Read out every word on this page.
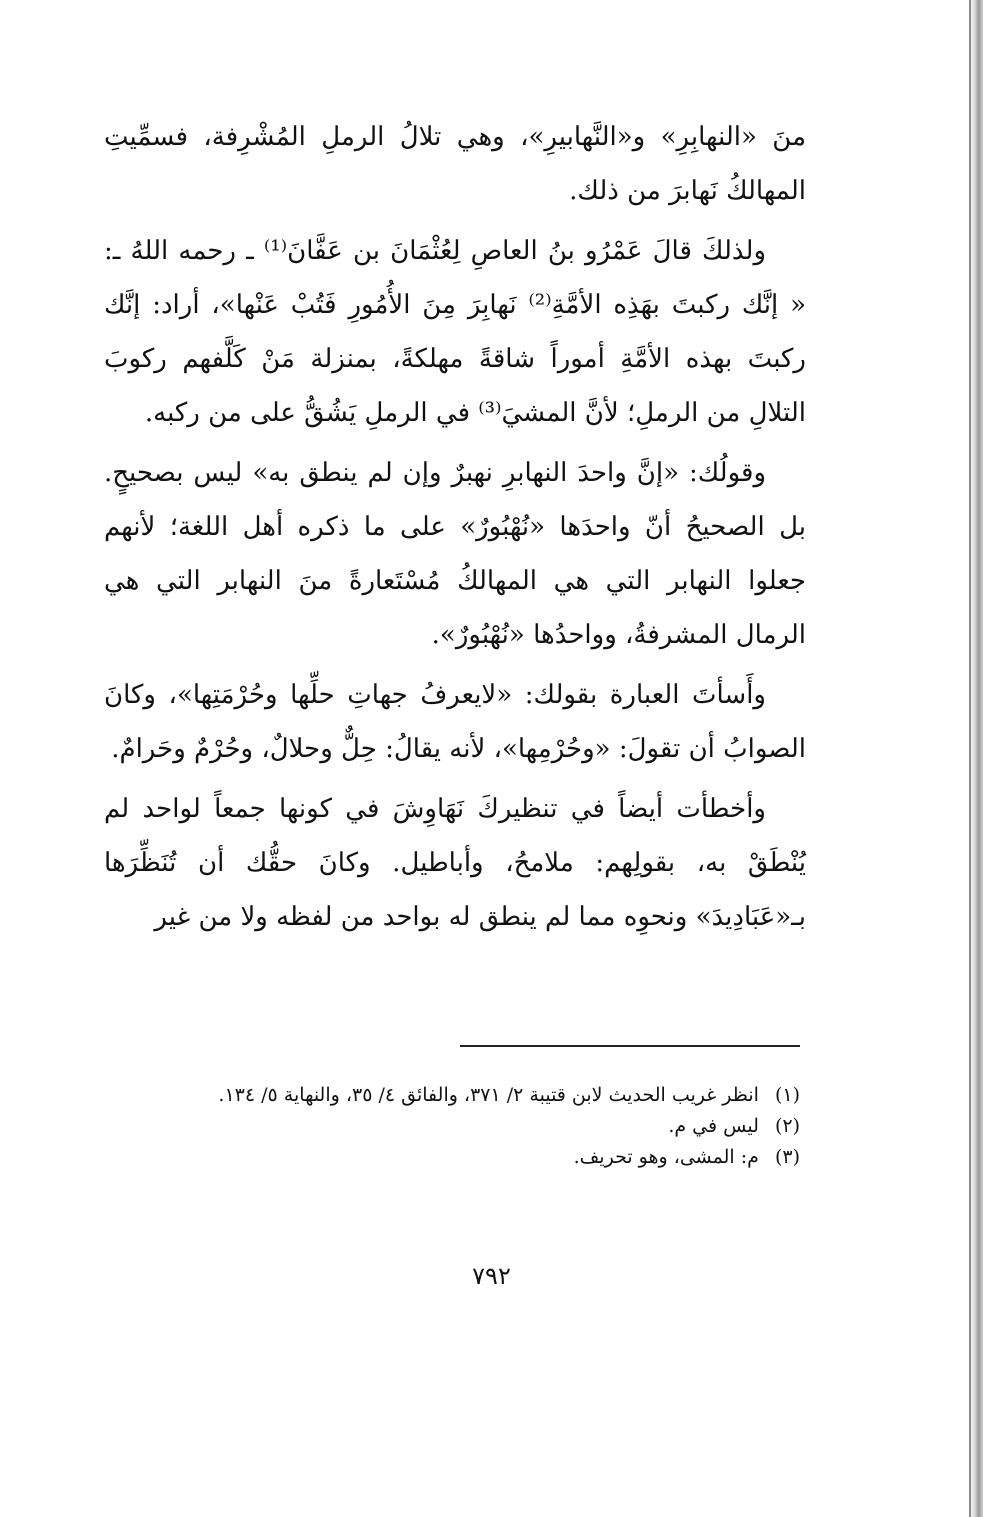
منَ «النهابِرِ» و«النَّهابيرِ»، وهي تلالُ الرملِ المُشْرِفة، فسمِّيتِ المهالكُ نَهابرَ من ذلك.

ولذلكَ قالَ عَمْرُو بنُ العاصِ لِعُثْمَانَ بن عَفَّانَ⁽¹⁾ ـ رحمه اللهُ ـ: « إنَّك ركبتَ بهَذِه الأمَّةِ⁽²⁾ نَهابِرَ مِنَ الأُمُورِ فَتُبْ عَنْها»، أراد: إنَّك ركبتَ بهذه الأمَّةِ أموراً شاقةً مهلكةً، بمنزلة مَنْ كَلَّفهم ركوبَ التلالِ من الرملِ؛ لأنَّ المشيَ⁽³⁾ في الرملِ يَشُقُّ على من ركبه.

وقولُك: «إنَّ واحدَ النهابرِ نهبرٌ وإن لم ينطق به» ليس بصحيحٍ. بل الصحيحُ أنّ واحدَها «نُهْبُورٌ» على ما ذكره أهل اللغة؛ لأنهم جعلوا النهابر التي هي المهالكُ مُسْتَعارةً منَ النهابر التي هي الرمال المشرفةُ، وواحدُها «نُهْبُورٌ».

وأَسأتَ العبارة بقولك: «لايعرفُ جهاتِ حلِّها وحُرْمَتِها»، وكانَ الصوابُ أن تقولَ: «وحُرْمِها»، لأنه يقالُ: حِلٌّ وحلالٌ، وحُرْمٌ وحَرامٌ.

وأخطأت أيضاً في تنظيركَ نَهَاوِشَ في كونها جمعاً لواحد لم يُنْطَقْ به، بقولِهم: ملامحُ، وأباطيل. وكانَ حقُّك أن تُنَظِّرَها بـ«عَبَادِيدَ» ونحوِه مما لم ينطق له بواحد من لفظه ولا من غير

(١) انظر غريب الحديث لابن قتيبة ٢/ ٣٧١، والفائق ٤/ ٣٥، والنهاية ٥/ ١٣٤.
(٢) ليس في م.
(٣) م: المشى، وهو تحريف.
٧٩٢
